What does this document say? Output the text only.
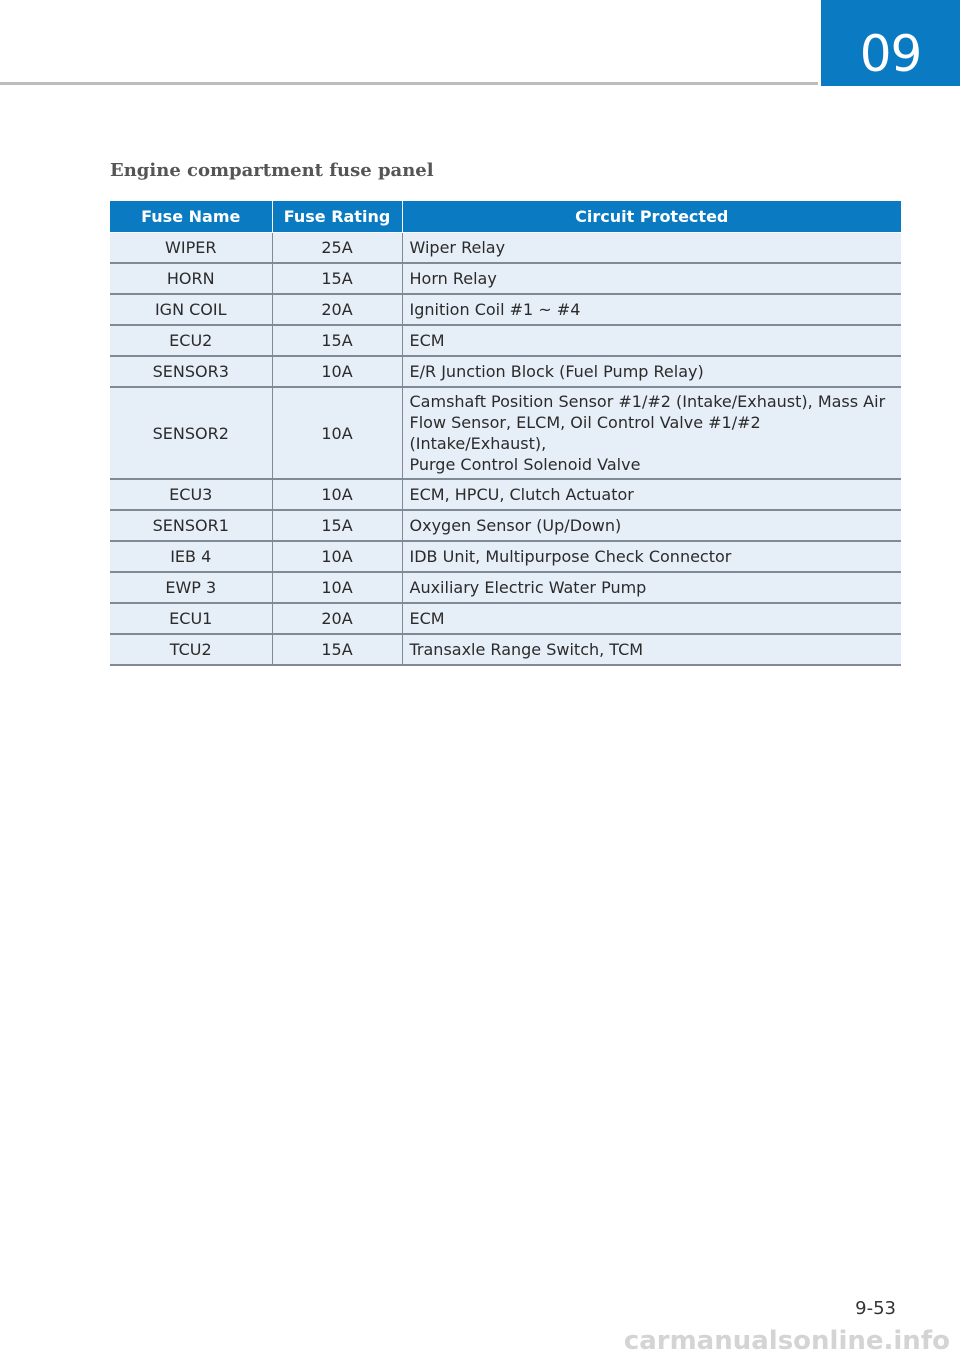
09
Engine compartment fuse panel
Fuse Name	Fuse Rating	Circuit Protected
WIPER	25A	Wiper Relay
HORN	15A	Horn Relay
IGN COIL	20A	Ignition Coil #1 ~ #4
ECU2	15A	ECM
SENSOR3	10A	E/R Junction Block (Fuel Pump Relay)
SENSOR2	10A	Camshaft Position Sensor #1/#2 (Intake/Exhaust), Mass Air Flow Sensor, ELCM, Oil Control Valve #1/#2 (Intake/Exhaust),
Purge Control Solenoid Valve

ECU3	10A	ECM, HPCU, Clutch Actuator
SENSOR1	15A	Oxygen Sensor (Up/Down)
IEB 4	10A	IDB Unit, Multipurpose Check Connector
EWP 3	10A	Auxiliary Electric Water Pump
ECU1	20A	ECM
TCU2	15A	Transaxle Range Switch, TCM
9-53
carmanualsonline.info
